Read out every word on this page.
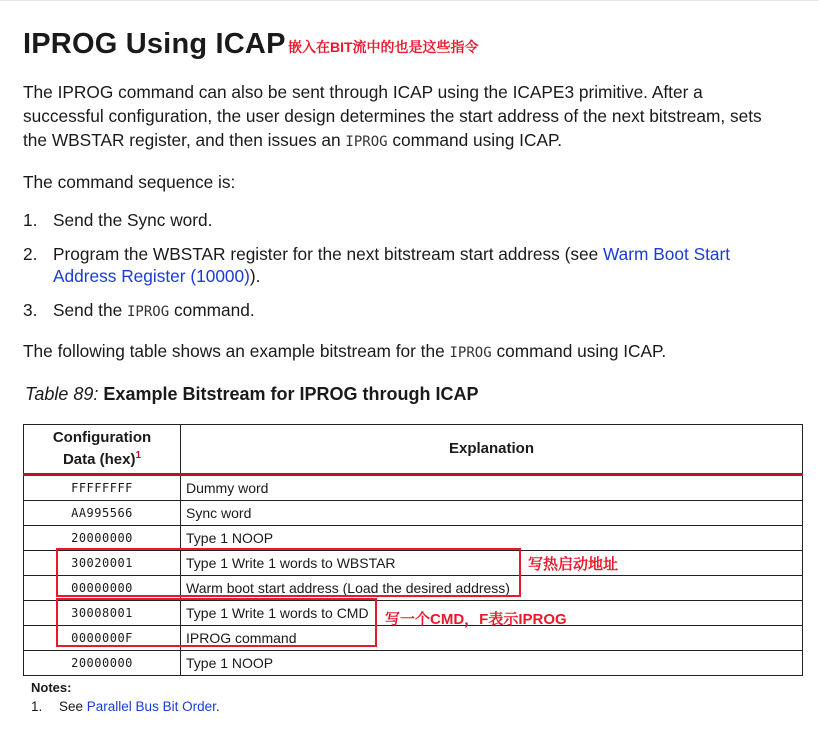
IPROG Using ICAP 嵌入在BIT流中的也是这些指令
The IPROG command can also be sent through ICAP using the ICAPE3 primitive. After a successful configuration, the user design determines the start address of the next bitstream, sets the WBSTAR register, and then issues an IPROG command using ICAP.
The command sequence is:
1. Send the Sync word.
2. Program the WBSTAR register for the next bitstream start address (see Warm Boot Start Address Register (10000)).
3. Send the IPROG command.
The following table shows an example bitstream for the IPROG command using ICAP.
Table 89: Example Bitstream for IPROG through ICAP
Configuration
Data (hex)$^1$	Explanation
FFFFFFFF	Dummy word
AA995566	Sync word
20000000	Type 1 NOOP
30020001	Type 1 Write 1 words to WBSTAR
00000000	Warm boot start address (Load the desired address)
30008001	Type 1 Write 1 words to CMD
0000000F	IPROG command
20000000	Type 1 NOOP
写热启动地址
写一个CMD，F表示IPROG
Notes:
1. See Parallel Bus Bit Order.
